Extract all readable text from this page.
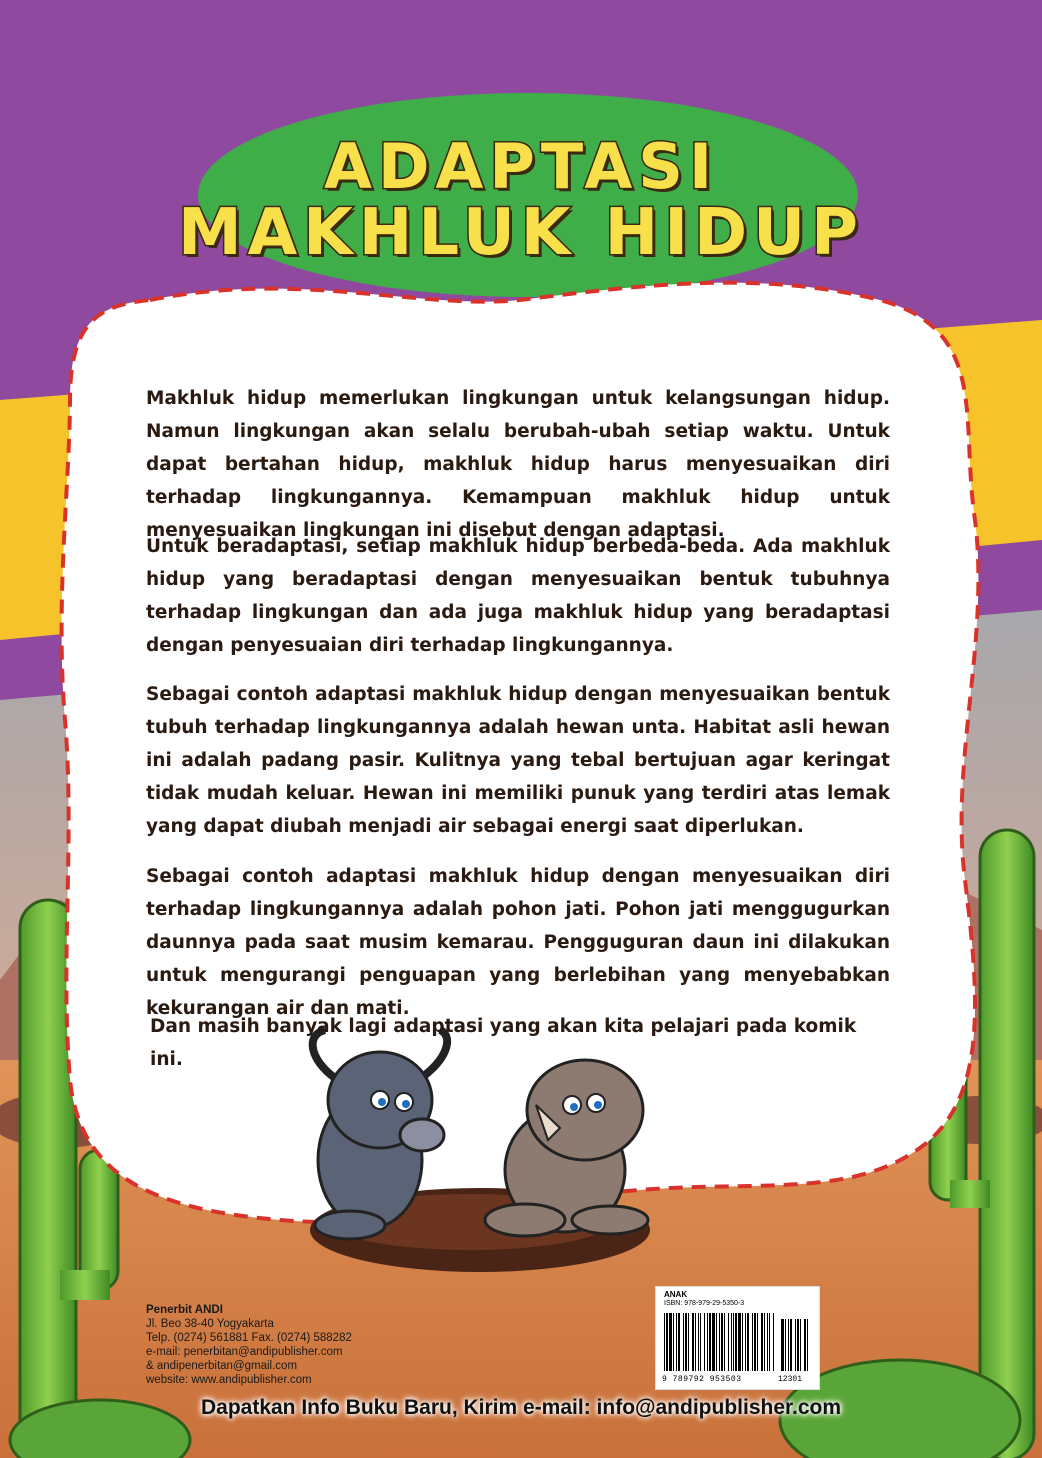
ADAPTASI
MAKHLUK HIDUP

Makhluk hidup memerlukan lingkungan untuk kelangsungan hidup. Namun lingkungan akan selalu berubah-ubah setiap waktu. Untuk dapat bertahan hidup, makhluk hidup harus menyesuaikan diri terhadap lingkungannya. Kemampuan makhluk hidup untuk menyesuaikan lingkungan ini disebut dengan adaptasi.

Untuk beradaptasi, setiap makhluk hidup berbeda-beda. Ada makhluk hidup yang beradaptasi dengan menyesuaikan bentuk tubuhnya terhadap lingkungan dan ada juga makhluk hidup yang beradaptasi dengan penyesuaian diri terhadap lingkungannya.

Sebagai contoh adaptasi makhluk hidup dengan menyesuaikan bentuk tubuh terhadap lingkungannya adalah hewan unta. Habitat asli hewan ini adalah padang pasir. Kulitnya yang tebal bertujuan agar keringat tidak mudah keluar. Hewan ini memiliki punuk yang terdiri atas lemak yang dapat diubah menjadi air sebagai energi saat diperlukan.

Sebagai contoh adaptasi makhluk hidup dengan menyesuaikan diri terhadap lingkungannya adalah pohon jati. Pohon jati menggugurkan daunnya pada saat musim kemarau. Pengguguran daun ini dilakukan untuk mengurangi penguapan yang berlebihan yang menyebabkan kekurangan air dan mati.

Dan masih banyak lagi adaptasi yang akan kita pelajari pada komik ini.

Penerbit ANDI
Jl. Beo 38-40 Yogyakarta
Telp. (0274) 561881 Fax. (0274) 588282
e-mail: penerbitan@andipublisher.com
& andipenerbitan@gmail.com
website: www.andipublisher.com
ANAK
ISBN: 978-979-29-5350-3
9 789792 953503	12301
Dapatkan Info Buku Baru, Kirim e-mail: info@andipublisher.com
